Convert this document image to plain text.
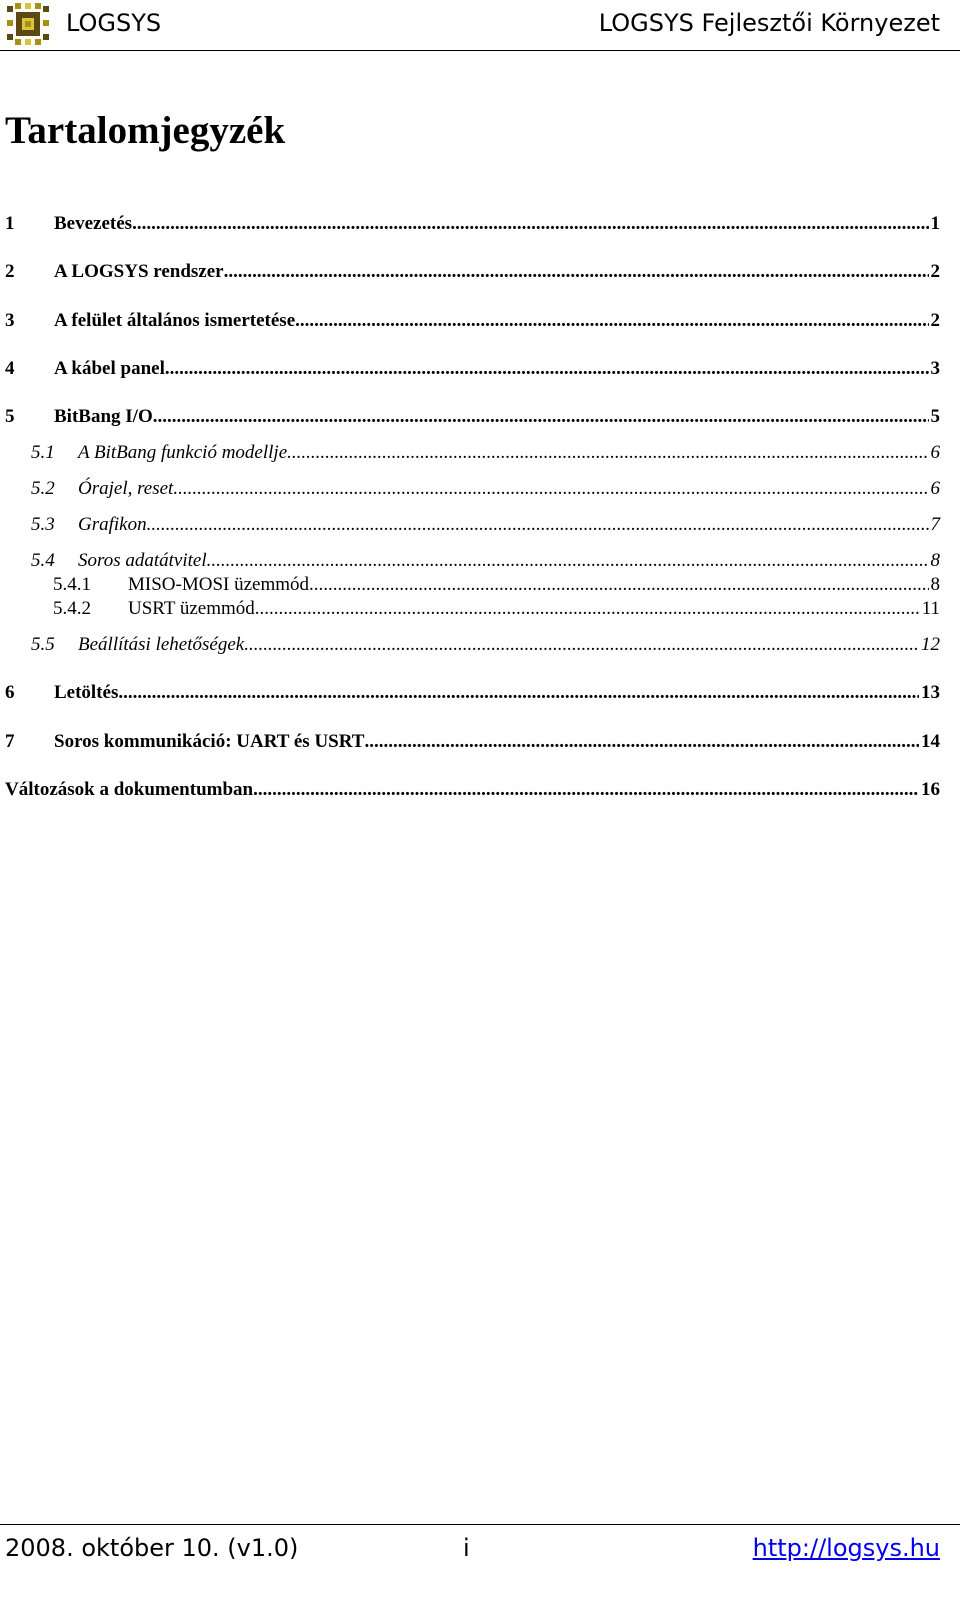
LOGSYS	LOGSYS Fejlesztői Környezet
Tartalomjegyzék
1	Bevezetés .....	1
2	A LOGSYS rendszer .....	2
3	A felület általános ismertetése .....	2
4	A kábel panel .....	3
5	BitBang I/O .....	5
5.1	A BitBang funkció modellje .....	6
5.2	Órajel, reset .....	6
5.3	Grafikon .....	7
5.4	Soros adatátvitel .....	8
5.4.1	MISO-MOSI üzemmód .....	8
5.4.2	USRT üzemmód .....	11
5.5	Beállítási lehetőségek .....	12
6	Letöltés .....	13
7	Soros kommunikáció: UART és USRT .....	14
Változások a dokumentumban .....	16
2008. október 10. (v1.0)	i	http://logsys.hu
